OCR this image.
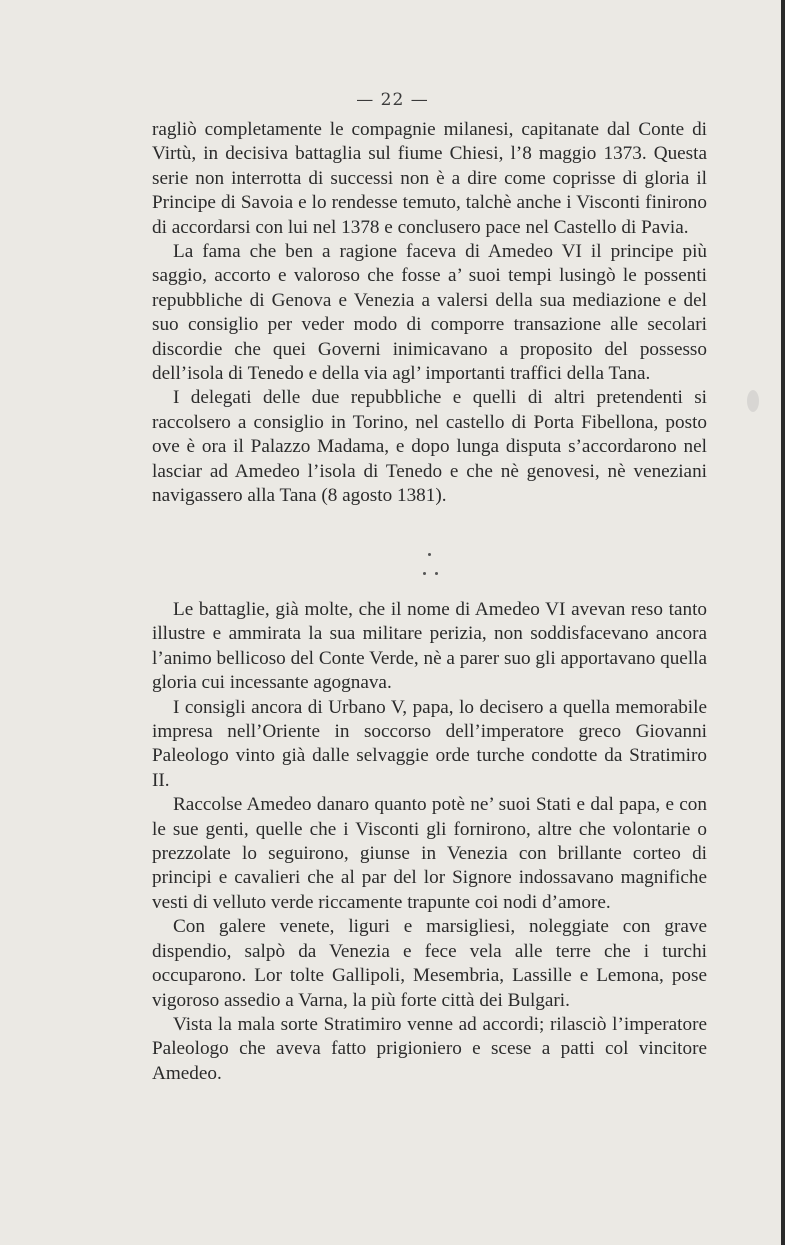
— 22 —

ragliò completamente le compagnie milanesi, capitanate dal Conte di Virtù, in decisiva battaglia sul fiume Chiesi, l’8 maggio 1373. Questa serie non interrotta di successi non è a dire come coprisse di gloria il Principe di Savoia e lo rendesse temuto, talchè anche i Visconti finirono di accordarsi con lui nel 1378 e conclusero pace nel Castello di Pavia.

La fama che ben a ragione faceva di Amedeo VI il principe più saggio, accorto e valoroso che fosse a’ suoi tempi lusingò le possenti repubbliche di Genova e Venezia a valersi della sua mediazione e del suo consiglio per veder modo di comporre transazione alle secolari discordie che quei Governi inimicavano a proposito del possesso dell’isola di Tenedo e della via agl’ importanti traffici della Tana.

I delegati delle due repubbliche e quelli di altri pretendenti si raccolsero a consiglio in Torino, nel castello di Porta Fibellona, posto ove è ora il Palazzo Madama, e dopo lunga disputa s’accordarono nel lasciar ad Amedeo l’isola di Tenedo e che nè genovesi, nè veneziani navigassero alla Tana (8 agosto 1381).

Le battaglie, già molte, che il nome di Amedeo VI avevan reso tanto illustre e ammirata la sua militare perizia, non soddisfacevano ancora l’animo bellicoso del Conte Verde, nè a parer suo gli apportavano quella gloria cui incessante agognava.

I consigli ancora di Urbano V, papa, lo decisero a quella memorabile impresa nell’Oriente in soccorso dell’imperatore greco Giovanni Paleologo vinto già dalle selvaggie orde turche condotte da Stratimiro II.

Raccolse Amedeo danaro quanto potè ne’ suoi Stati e dal papa, e con le sue genti, quelle che i Visconti gli fornirono, altre che volontarie o prezzolate lo seguirono, giunse in Venezia con brillante corteo di principi e cavalieri che al par del lor Signore indossavano magnifiche vesti di velluto verde riccamente trapunte coi nodi d’amore.

Con galere venete, liguri e marsigliesi, noleggiate con grave dispendio, salpò da Venezia e fece vela alle terre che i turchi occuparono. Lor tolte Gallipoli, Mesembria, Lassille e Lemona, pose vigoroso assedio a Varna, la più forte città dei Bulgari.

Vista la mala sorte Stratimiro venne ad accordi; rilasciò l’imperatore Paleologo che aveva fatto prigioniero e scese a patti col vincitore Amedeo.
